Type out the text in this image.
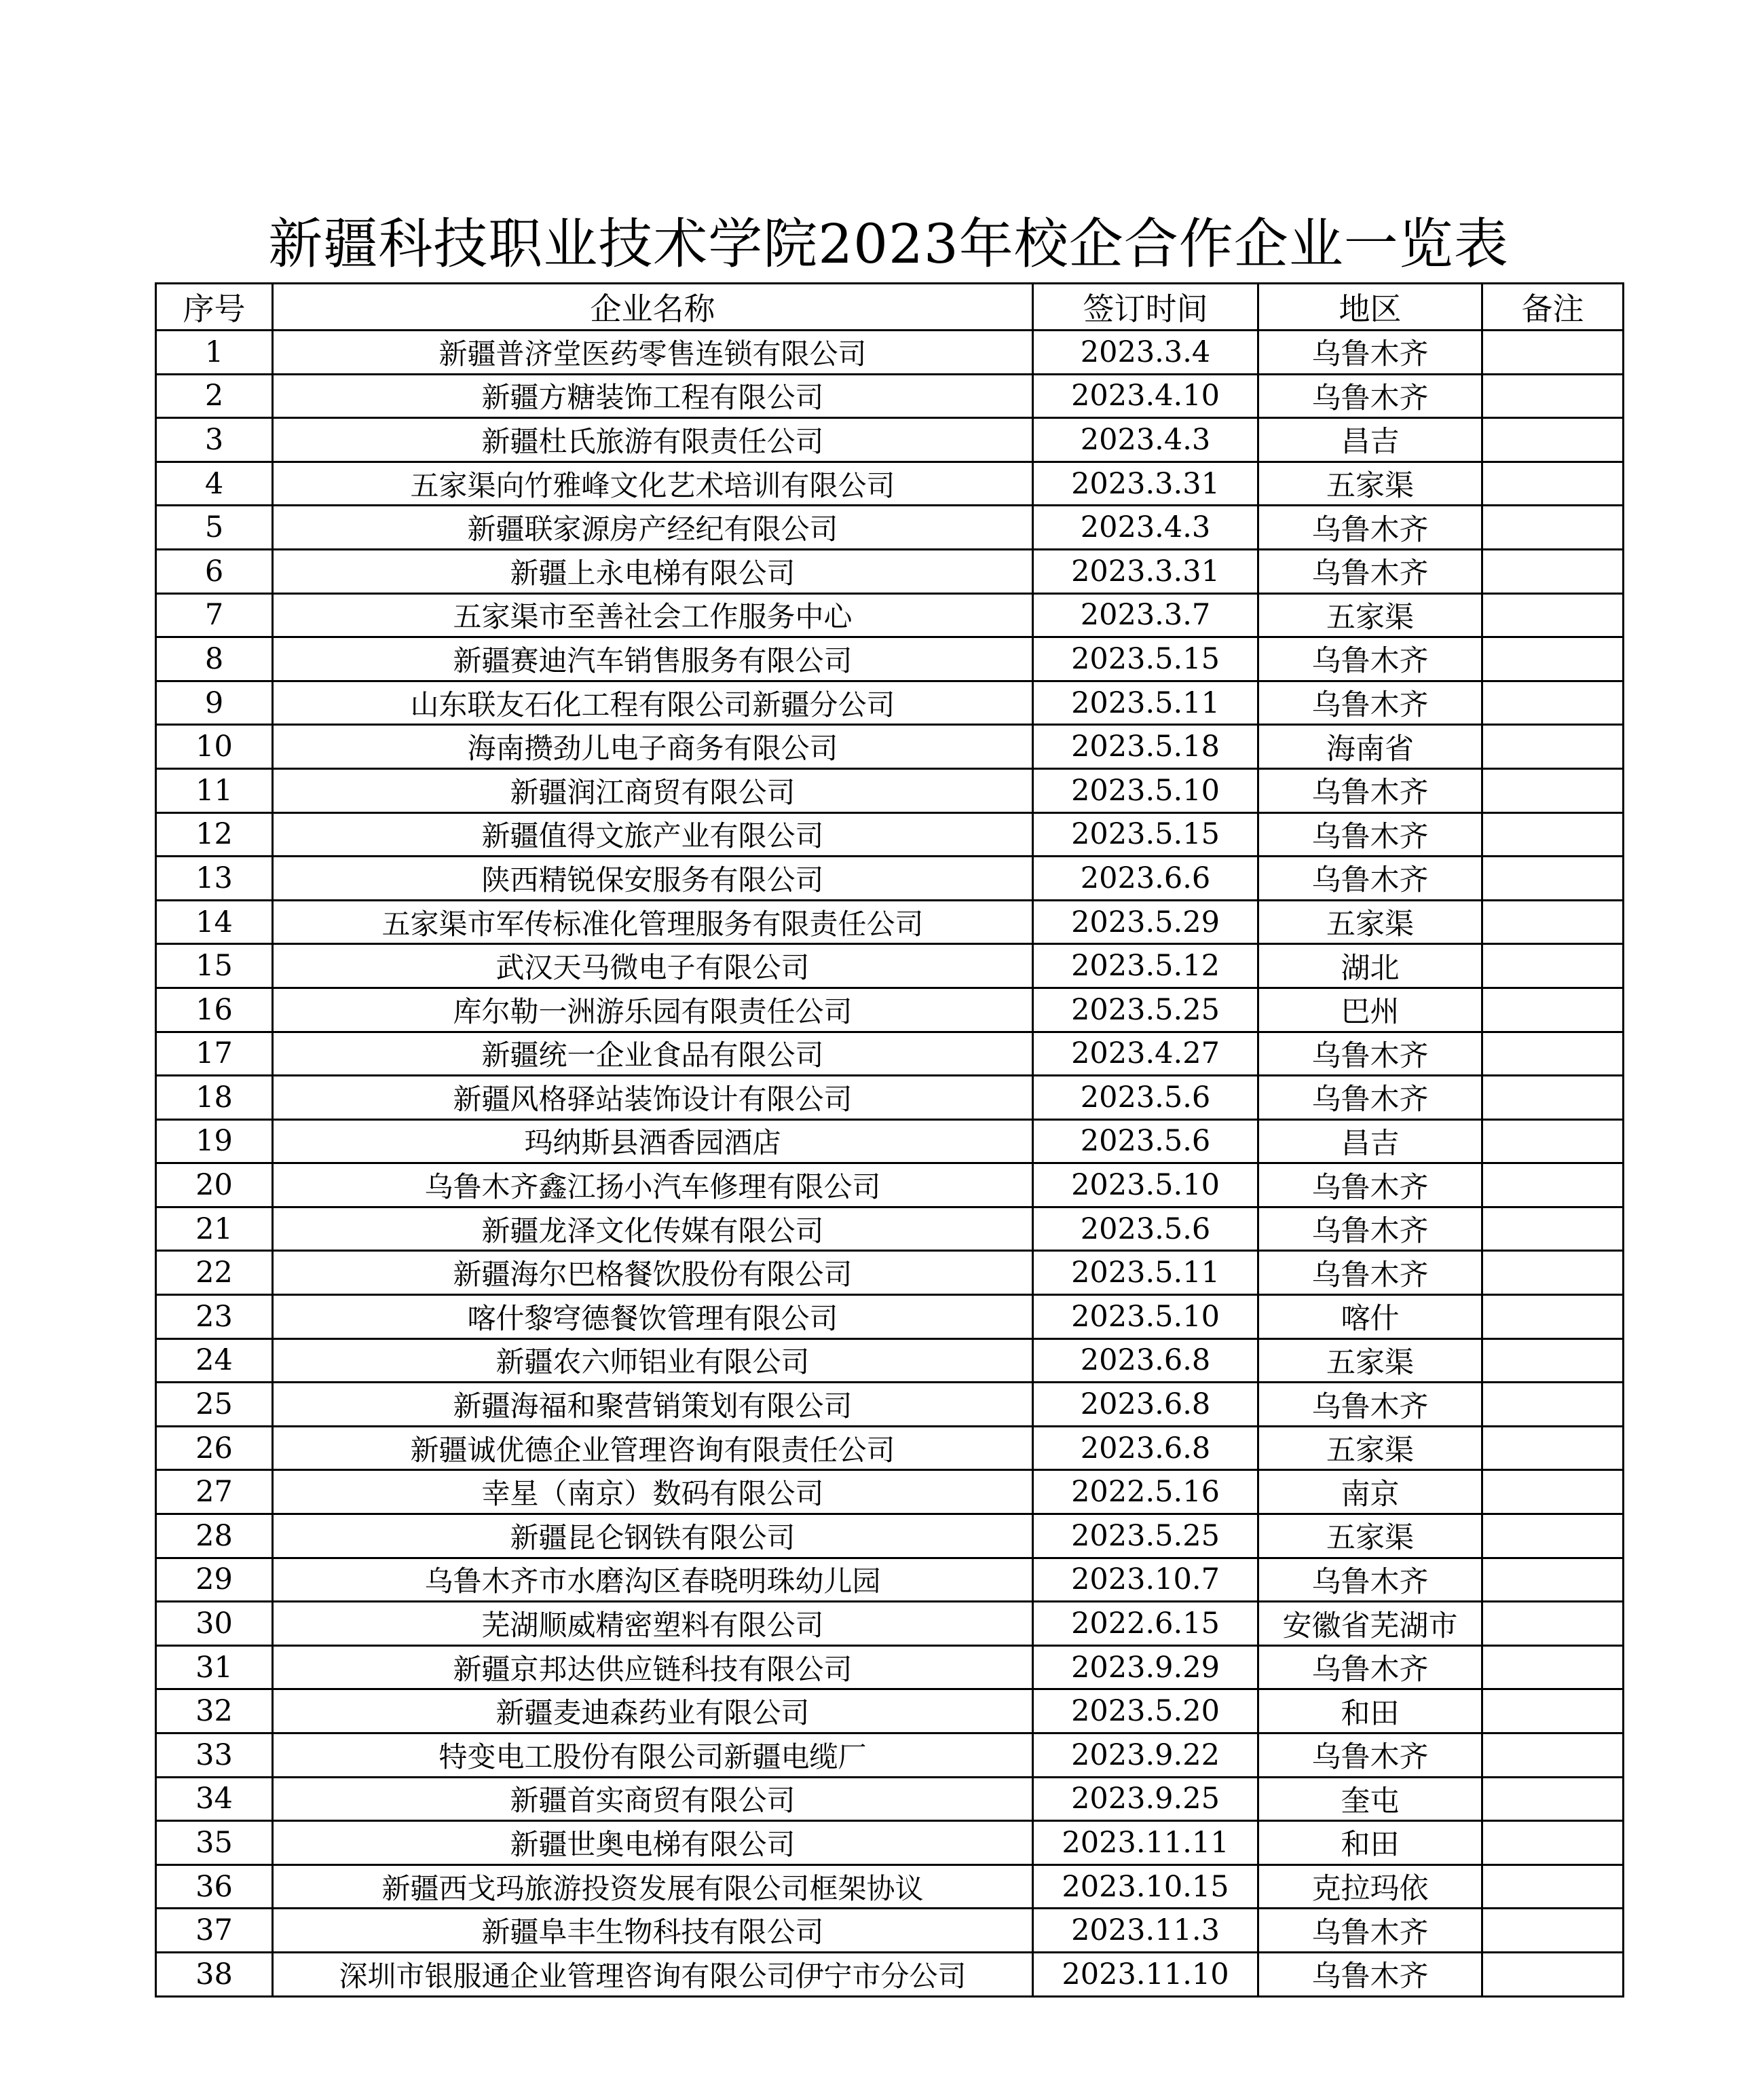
新疆科技职业技术学院2023年校企合作企业一览表
序号	企业名称	签订时间	地区	备注
1	新疆普济堂医药零售连锁有限公司	2023.3.4	乌鲁木齐	
2	新疆方糖装饰工程有限公司	2023.4.10	乌鲁木齐	
3	新疆杜氏旅游有限责任公司	2023.4.3	昌吉	
4	五家渠向竹雅峰文化艺术培训有限公司	2023.3.31	五家渠	
5	新疆联家源房产经纪有限公司	2023.4.3	乌鲁木齐	
6	新疆上永电梯有限公司	2023.3.31	乌鲁木齐	
7	五家渠市至善社会工作服务中心	2023.3.7	五家渠	
8	新疆赛迪汽车销售服务有限公司	2023.5.15	乌鲁木齐	
9	山东联友石化工程有限公司新疆分公司	2023.5.11	乌鲁木齐	
10	海南攒劲儿电子商务有限公司	2023.5.18	海南省	
11	新疆润江商贸有限公司	2023.5.10	乌鲁木齐	
12	新疆值得文旅产业有限公司	2023.5.15	乌鲁木齐	
13	陕西精锐保安服务有限公司	2023.6.6	乌鲁木齐	
14	五家渠市军传标准化管理服务有限责任公司	2023.5.29	五家渠	
15	武汉天马微电子有限公司	2023.5.12	湖北	
16	库尔勒一洲游乐园有限责任公司	2023.5.25	巴州	
17	新疆统一企业食品有限公司	2023.4.27	乌鲁木齐	
18	新疆风格驿站装饰设计有限公司	2023.5.6	乌鲁木齐	
19	玛纳斯县酒香园酒店	2023.5.6	昌吉	
20	乌鲁木齐鑫江扬小汽车修理有限公司	2023.5.10	乌鲁木齐	
21	新疆龙泽文化传媒有限公司	2023.5.6	乌鲁木齐	
22	新疆海尔巴格餐饮股份有限公司	2023.5.11	乌鲁木齐	
23	喀什黎穹德餐饮管理有限公司	2023.5.10	喀什	
24	新疆农六师铝业有限公司	2023.6.8	五家渠	
25	新疆海福和聚营销策划有限公司	2023.6.8	乌鲁木齐	
26	新疆诚优德企业管理咨询有限责任公司	2023.6.8	五家渠	
27	幸星（南京）数码有限公司	2022.5.16	南京	
28	新疆昆仑钢铁有限公司	2023.5.25	五家渠	
29	乌鲁木齐市水磨沟区春晓明珠幼儿园	2023.10.7	乌鲁木齐	
30	芜湖顺威精密塑料有限公司	2022.6.15	安徽省芜湖市	
31	新疆京邦达供应链科技有限公司	2023.9.29	乌鲁木齐	
32	新疆麦迪森药业有限公司	2023.5.20	和田	
33	特变电工股份有限公司新疆电缆厂	2023.9.22	乌鲁木齐	
34	新疆首实商贸有限公司	2023.9.25	奎屯	
35	新疆世奥电梯有限公司	2023.11.11	和田	
36	新疆西戈玛旅游投资发展有限公司框架协议	2023.10.15	克拉玛依	
37	新疆阜丰生物科技有限公司	2023.11.3	乌鲁木齐	
38	深圳市银服通企业管理咨询有限公司伊宁市分公司	2023.11.10	乌鲁木齐	
